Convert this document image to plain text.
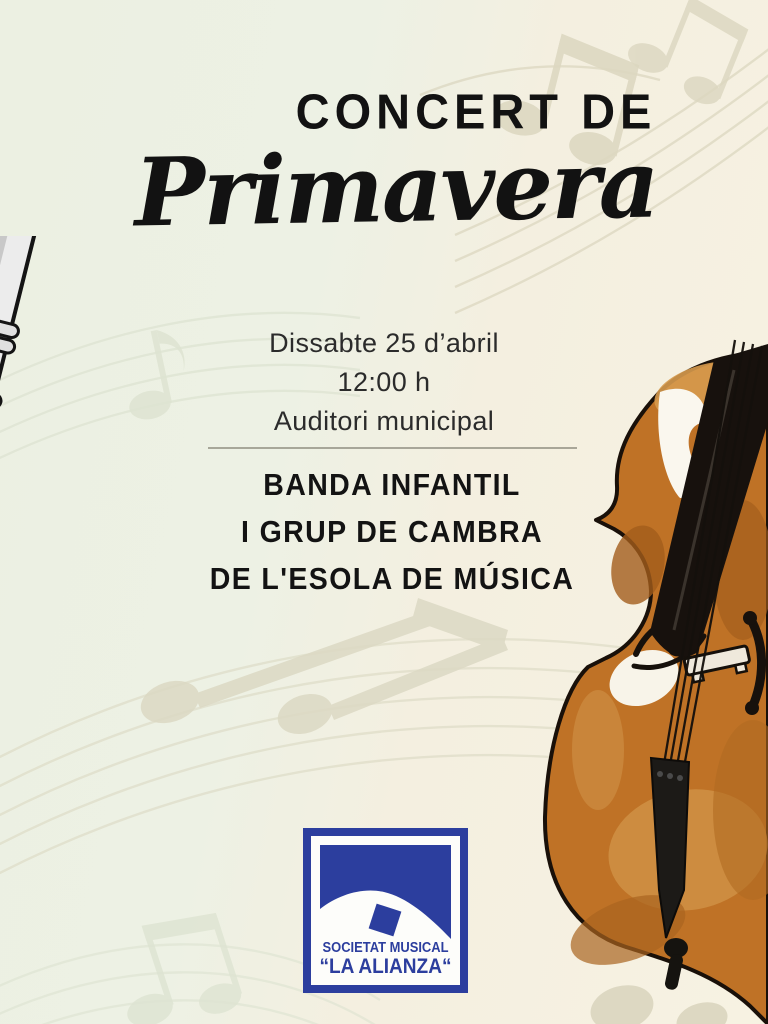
CONCERT DE
Primavera
Dissabte 25 d’abril
12:00 h
Auditori municipal
BANDA INFANTIL
I GRUP DE CAMBRA
DE L'ESOLA DE MÚSICA
SOCIETAT MUSICAL
“LA ALIANZA“
